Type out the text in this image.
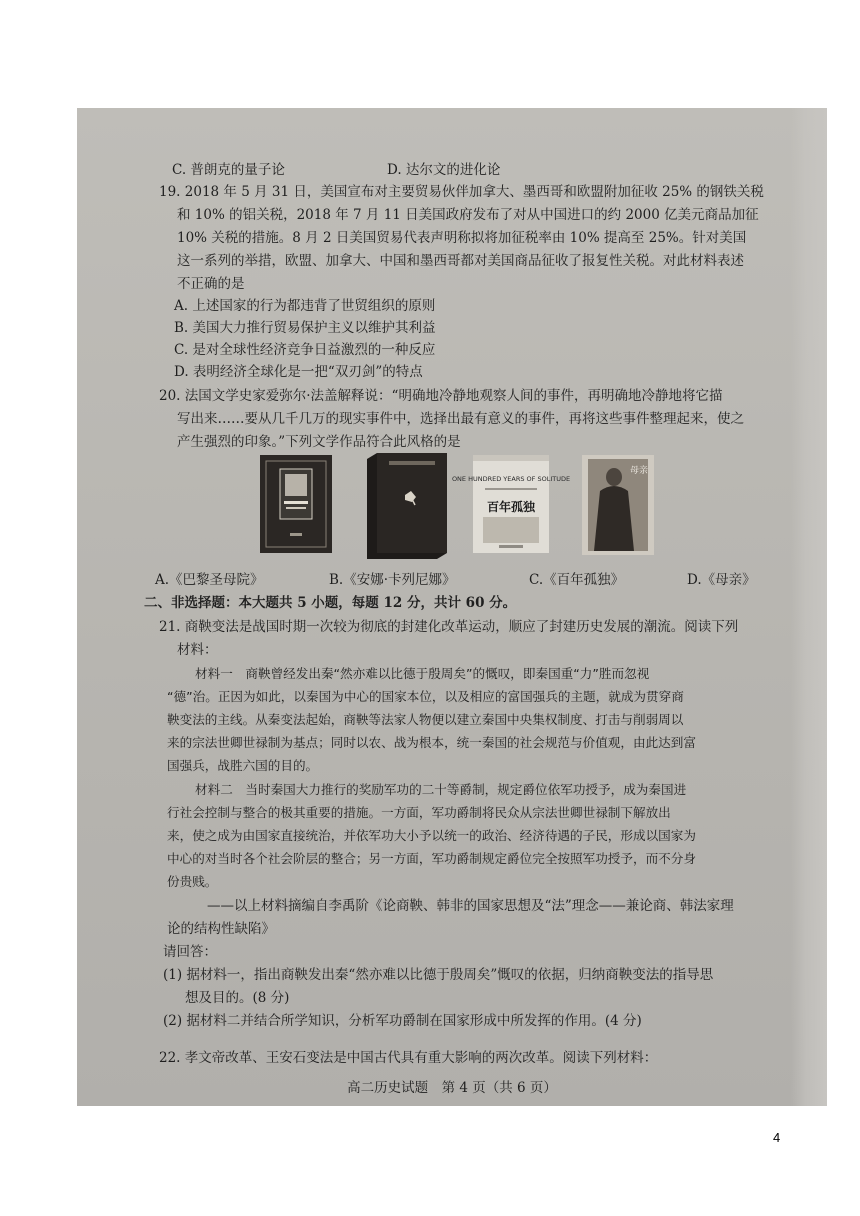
C. 普朗克的量子论	D. 达尔文的进化论
19. 2018 年 5 月 31 日，美国宣布对主要贸易伙伴加拿大、墨西哥和欧盟附加征收 25% 的钢铁关税
和 10% 的铝关税，2018 年 7 月 11 日美国政府发布了对从中国进口的约 2000 亿美元商品加征
10% 关税的措施。8 月 2 日美国贸易代表声明称拟将加征税率由 10% 提高至 25%。针对美国
这一系列的举措，欧盟、加拿大、中国和墨西哥都对美国商品征收了报复性关税。对此材料表述
不正确的是
A. 上述国家的行为都违背了世贸组织的原则
B. 美国大力推行贸易保护主义以维护其利益
C. 是对全球性经济竞争日益激烈的一种反应
D. 表明经济全球化是一把“双刃剑”的特点
20. 法国文学史家爱弥尔·法盖解释说：“明确地冷静地观察人间的事件，再明确地冷静地将它描
写出来……要从几千几万的现实事件中，选择出最有意义的事件，再将这些事件整理起来，使之
产生强烈的印象。”下列文学作品符合此风格的是
ONE HUNDRED YEARS OF SOLITUDE
百年孤独
母亲
A.《巴黎圣母院》	B.《安娜·卡列尼娜》	C.《百年孤独》	D.《母亲》
二、非选择题：本大题共 5 小题，每题 12 分，共计 60 分。
21. 商鞅变法是战国时期一次较为彻底的封建化改革运动，顺应了封建历史发展的潮流。阅读下列
材料：
材料一　商鞅曾经发出秦“然亦难以比德于殷周矣”的慨叹，即秦国重“力”胜而忽视
“德”治。正因为如此，以秦国为中心的国家本位，以及相应的富国强兵的主题，就成为贯穿商
鞅变法的主线。从秦变法起始，商鞅等法家人物便以建立秦国中央集权制度、打击与削弱周以
来的宗法世卿世禄制为基点；同时以农、战为根本，统一秦国的社会规范与价值观，由此达到富
国强兵，战胜六国的目的。
材料二　当时秦国大力推行的奖励军功的二十等爵制，规定爵位依军功授予，成为秦国进
行社会控制与整合的极其重要的措施。一方面，军功爵制将民众从宗法世卿世禄制下解放出
来，使之成为由国家直接统治，并依军功大小予以统一的政治、经济待遇的子民，形成以国家为
中心的对当时各个社会阶层的整合；另一方面，军功爵制规定爵位完全按照军功授予，而不分身
份贵贱。
——以上材料摘编自李禹阶《论商鞅、韩非的国家思想及“法”理念——兼论商、韩法家理
论的结构性缺陷》
请回答：
(1) 据材料一，指出商鞅发出秦“然亦难以比德于殷周矣”慨叹的依据，归纳商鞅变法的指导思
想及目的。(8 分)
(2) 据材料二并结合所学知识，分析军功爵制在国家形成中所发挥的作用。(4 分)
22. 孝文帝改革、王安石变法是中国古代具有重大影响的两次改革。阅读下列材料：
高二历史试题　第 4 页（共 6 页）
4
